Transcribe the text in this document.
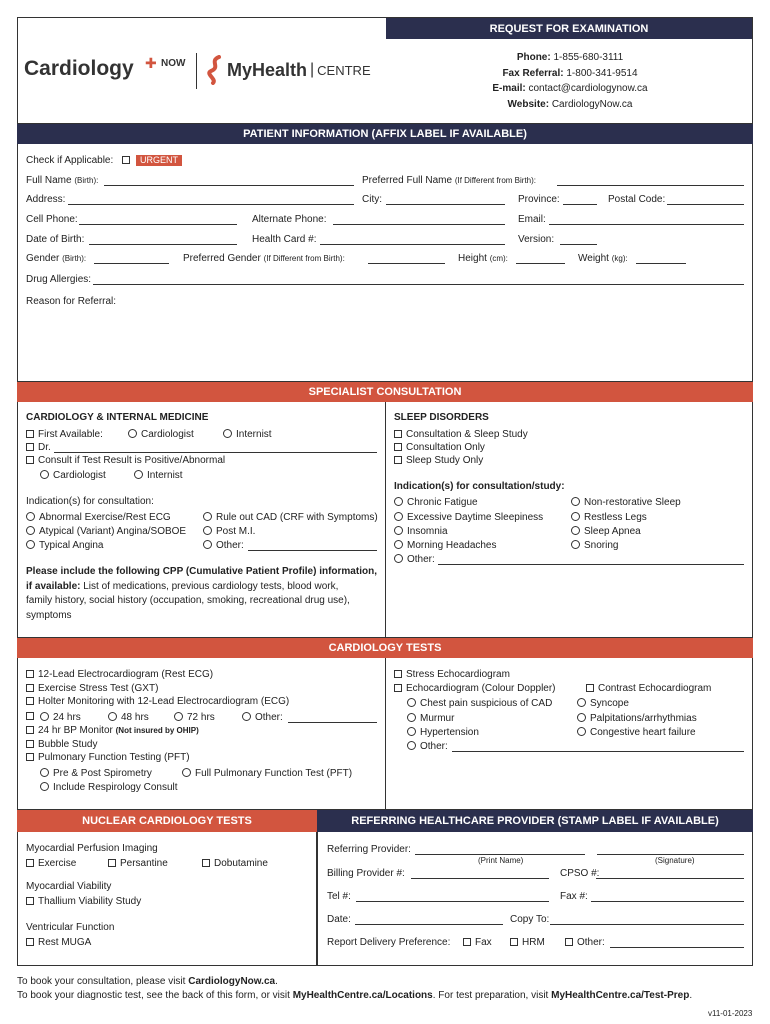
REQUEST FOR EXAMINATION
Cardiology ✚ NOW MyHealth | CENTRE
Phone: 1-855-680-3111
Fax Referral: 1-800-341-9514
E-mail: contact@cardiologynow.ca
Website: CardiologyNow.ca
PATIENT INFORMATION (AFFIX LABEL IF AVAILABLE)
Check if Applicable:	URGENT
Full Name (Birth):	Preferred Full Name (If Different from Birth):
Address:	City:	Province:	Postal Code:
Cell Phone:	Alternate Phone:	Email:
Date of Birth:	Health Card #:	Version:
Gender (Birth):	Preferred Gender (If Different from Birth):	Height (cm):	Weight (kg):
Drug Allergies:
Reason for Referral:
SPECIALIST CONSULTATION
CARDIOLOGY & INTERNAL MEDICINE
First Available:	Cardiologist	Internist
Dr.
Consult if Test Result is Positive/Abnormal
Cardiologist	Internist
Indication(s) for consultation:
Abnormal Exercise/Rest ECG
Atypical (Variant) Angina/SOBOE
Typical Angina
Rule out CAD (CRF with Symptoms)
Post M.I.
Other:
Please include the following CPP (Cumulative Patient Profile) information,
if available: List of medications, previous cardiology tests, blood work,
family history, social history (occupation, smoking, recreational drug use),
symptoms
SLEEP DISORDERS
Consultation & Sleep Study
Consultation Only
Sleep Study Only
Indication(s) for consultation/study:
Chronic Fatigue
Excessive Daytime Sleepiness
Insomnia
Morning Headaches
Other:
Non-restorative Sleep
Restless Legs
Sleep Apnea
Snoring
CARDIOLOGY TESTS
12-Lead Electrocardiogram (Rest ECG)
Exercise Stress Test (GXT)
Holter Monitoring with 12-Lead Electrocardiogram (ECG)
24 hrs	48 hrs	72 hrs	Other:
24 hr BP Monitor (Not insured by OHIP)
Bubble Study
Pulmonary Function Testing (PFT)
Pre & Post Spirometry	Full Pulmonary Function Test (PFT)
Include Respirology Consult
Stress Echocardiogram
Echocardiogram (Colour Doppler)	Contrast Echocardiogram
Chest pain suspicious of CAD
Murmur
Hypertension
Other:
Syncope
Palpitations/arrhythmias
Congestive heart failure
NUCLEAR CARDIOLOGY TESTS
Myocardial Perfusion Imaging
Exercise	Persantine	Dobutamine
Myocardial Viability
Thallium Viability Study
Ventricular Function
Rest MUGA
REFERRING HEALTHCARE PROVIDER (STAMP LABEL IF AVAILABLE)
Referring Provider:
(Print Name)	(Signature)
Billing Provider #:	CPSO #:
Tel #:	Fax #:
Date:	Copy To:
Report Delivery Preference:	Fax	HRM	Other:
To book your consultation, please visit CardiologyNow.ca.
To book your diagnostic test, see the back of this form, or visit MyHealthCentre.ca/Locations. For test preparation, visit MyHealthCentre.ca/Test-Prep.
v11-01-2023
